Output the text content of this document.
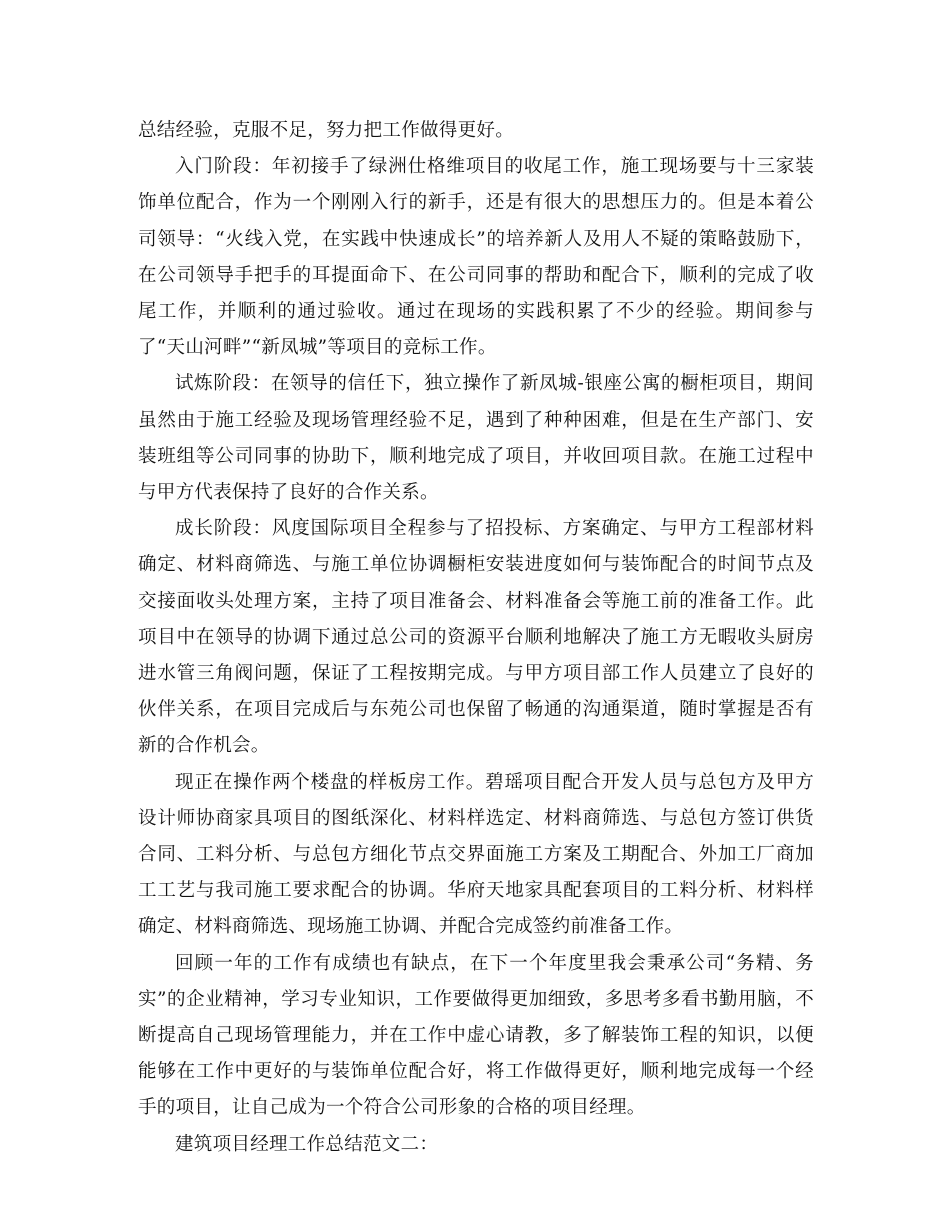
总结经验，克服不足，努力把工作做得更好。

入门阶段：年初接手了绿洲仕格维项目的收尾工作，施工现场要与十三家装饰单位配合，作为一个刚刚入行的新手，还是有很大的思想压力的。但是本着公司领导：“火线入党，在实践中快速成长”的培养新人及用人不疑的策略鼓励下，在公司领导手把手的耳提面命下、在公司同事的帮助和配合下，顺利的完成了收尾工作，并顺利的通过验收。通过在现场的实践积累了不少的经验。期间参与了“天山河畔”“新凤城”等项目的竞标工作。

试炼阶段：在领导的信任下，独立操作了新凤城-银座公寓的橱柜项目，期间虽然由于施工经验及现场管理经验不足，遇到了种种困难，但是在生产部门、安装班组等公司同事的协助下，顺利地完成了项目，并收回项目款。在施工过程中与甲方代表保持了良好的合作关系。

成长阶段：风度国际项目全程参与了招投标、方案确定、与甲方工程部材料确定、材料商筛选、与施工单位协调橱柜安装进度如何与装饰配合的时间节点及交接面收头处理方案，主持了项目准备会、材料准备会等施工前的准备工作。此项目中在领导的协调下通过总公司的资源平台顺利地解决了施工方无暇收头厨房进水管三角阀问题，保证了工程按期完成。与甲方项目部工作人员建立了良好的伙伴关系，在项目完成后与东苑公司也保留了畅通的沟通渠道，随时掌握是否有新的合作机会。

现正在操作两个楼盘的样板房工作。碧瑶项目配合开发人员与总包方及甲方设计师协商家具项目的图纸深化、材料样选定、材料商筛选、与总包方签订供货合同、工料分析、与总包方细化节点交界面施工方案及工期配合、外加工厂商加工工艺与我司施工要求配合的协调。华府天地家具配套项目的工料分析、材料样确定、材料商筛选、现场施工协调、并配合完成签约前准备工作。

回顾一年的工作有成绩也有缺点，在下一个年度里我会秉承公司“务精、务实”的企业精神，学习专业知识，工作要做得更加细致，多思考多看书勤用脑，不断提高自己现场管理能力，并在工作中虚心请教，多了解装饰工程的知识，以便能够在工作中更好的与装饰单位配合好，将工作做得更好，顺利地完成每一个经手的项目，让自己成为一个符合公司形象的合格的项目经理。

建筑项目经理工作总结范文二：
